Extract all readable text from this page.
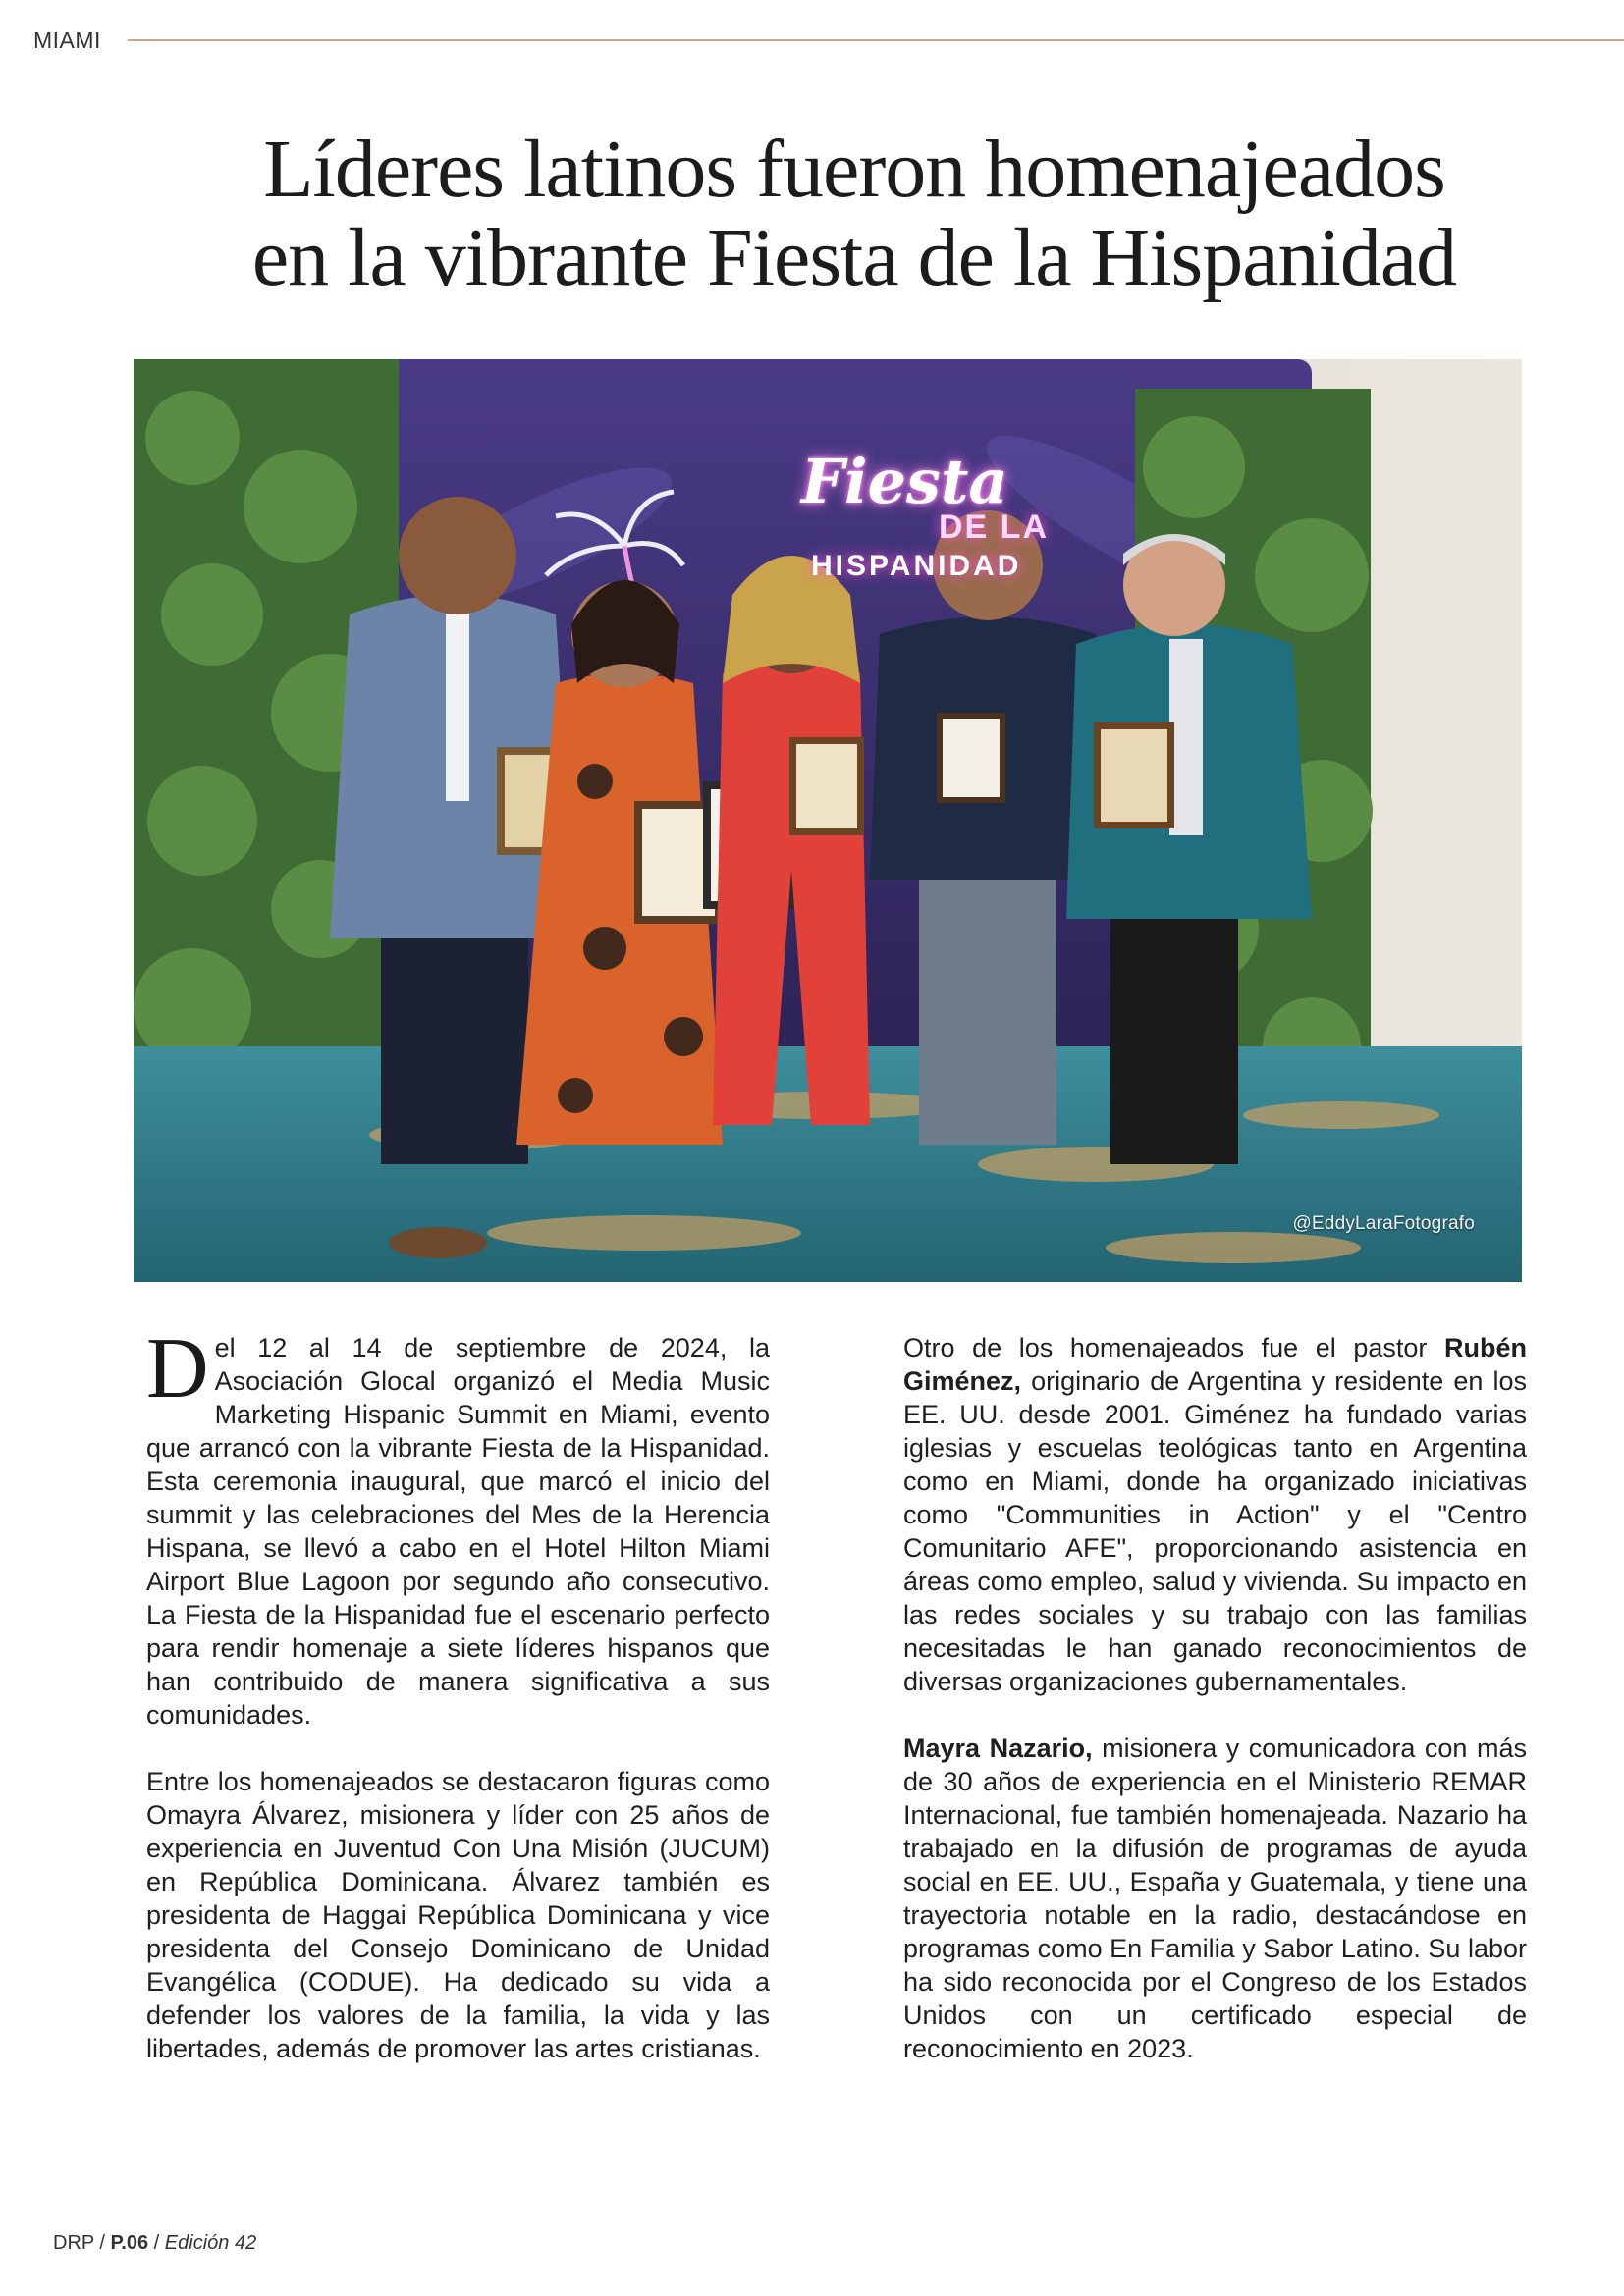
MIAMI
Líderes latinos fueron homenajeados
en la vibrante Fiesta de la Hispanidad
Fiesta
DE LA
HISPANIDAD
@EddyLaraFotografo

Del 12 al 14 de septiembre de 2024, la Asociación Glocal organizó el Media Music Marketing Hispanic Summit en Miami, evento que arrancó con la vibrante Fiesta de la Hispanidad. Esta ceremonia inaugural, que marcó el inicio del summit y las celebraciones del Mes de la Herencia Hispana, se llevó a cabo en el Hotel Hilton Miami Airport Blue Lagoon por segundo año consecutivo. La Fiesta de la Hispanidad fue el escenario perfecto para rendir homenaje a siete líderes hispanos que han contribuido de manera significativa a sus comunidades.

Entre los homenajeados se destacaron figuras como Omayra Álvarez, misionera y líder con 25 años de experiencia en Juventud Con Una Misión (JUCUM) en República Dominicana. Álvarez también es presidenta de Haggai República Dominicana y vice presidenta del Consejo Dominicano de Unidad Evangélica (CODUE). Ha dedicado su vida a defender los valores de la familia, la vida y las libertades, además de promover las artes cristianas.

Otro de los homenajeados fue el pastor Rubén Giménez, originario de Argentina y residente en los EE. UU. desde 2001. Giménez ha fundado varias iglesias y escuelas teológicas tanto en Argentina como en Miami, donde ha organizado iniciativas como "Communities in Action" y el "Centro Comunitario AFE", proporcionando asistencia en áreas como empleo, salud y vivienda. Su impacto en las redes sociales y su trabajo con las familias necesitadas le han ganado reconocimientos de diversas organizaciones gubernamentales.

Mayra Nazario, misionera y comunicadora con más de 30 años de experiencia en el Ministerio REMAR Internacional, fue también homenajeada. Nazario ha trabajado en la difusión de programas de ayuda social en EE. UU., España y Guatemala, y tiene una trayectoria notable en la radio, destacándose en programas como En Familia y Sabor Latino. Su labor ha sido reconocida por el Congreso de los Estados Unidos con un certificado especial de reconocimiento en 2023.

DRP / P.06 / Edición 42
